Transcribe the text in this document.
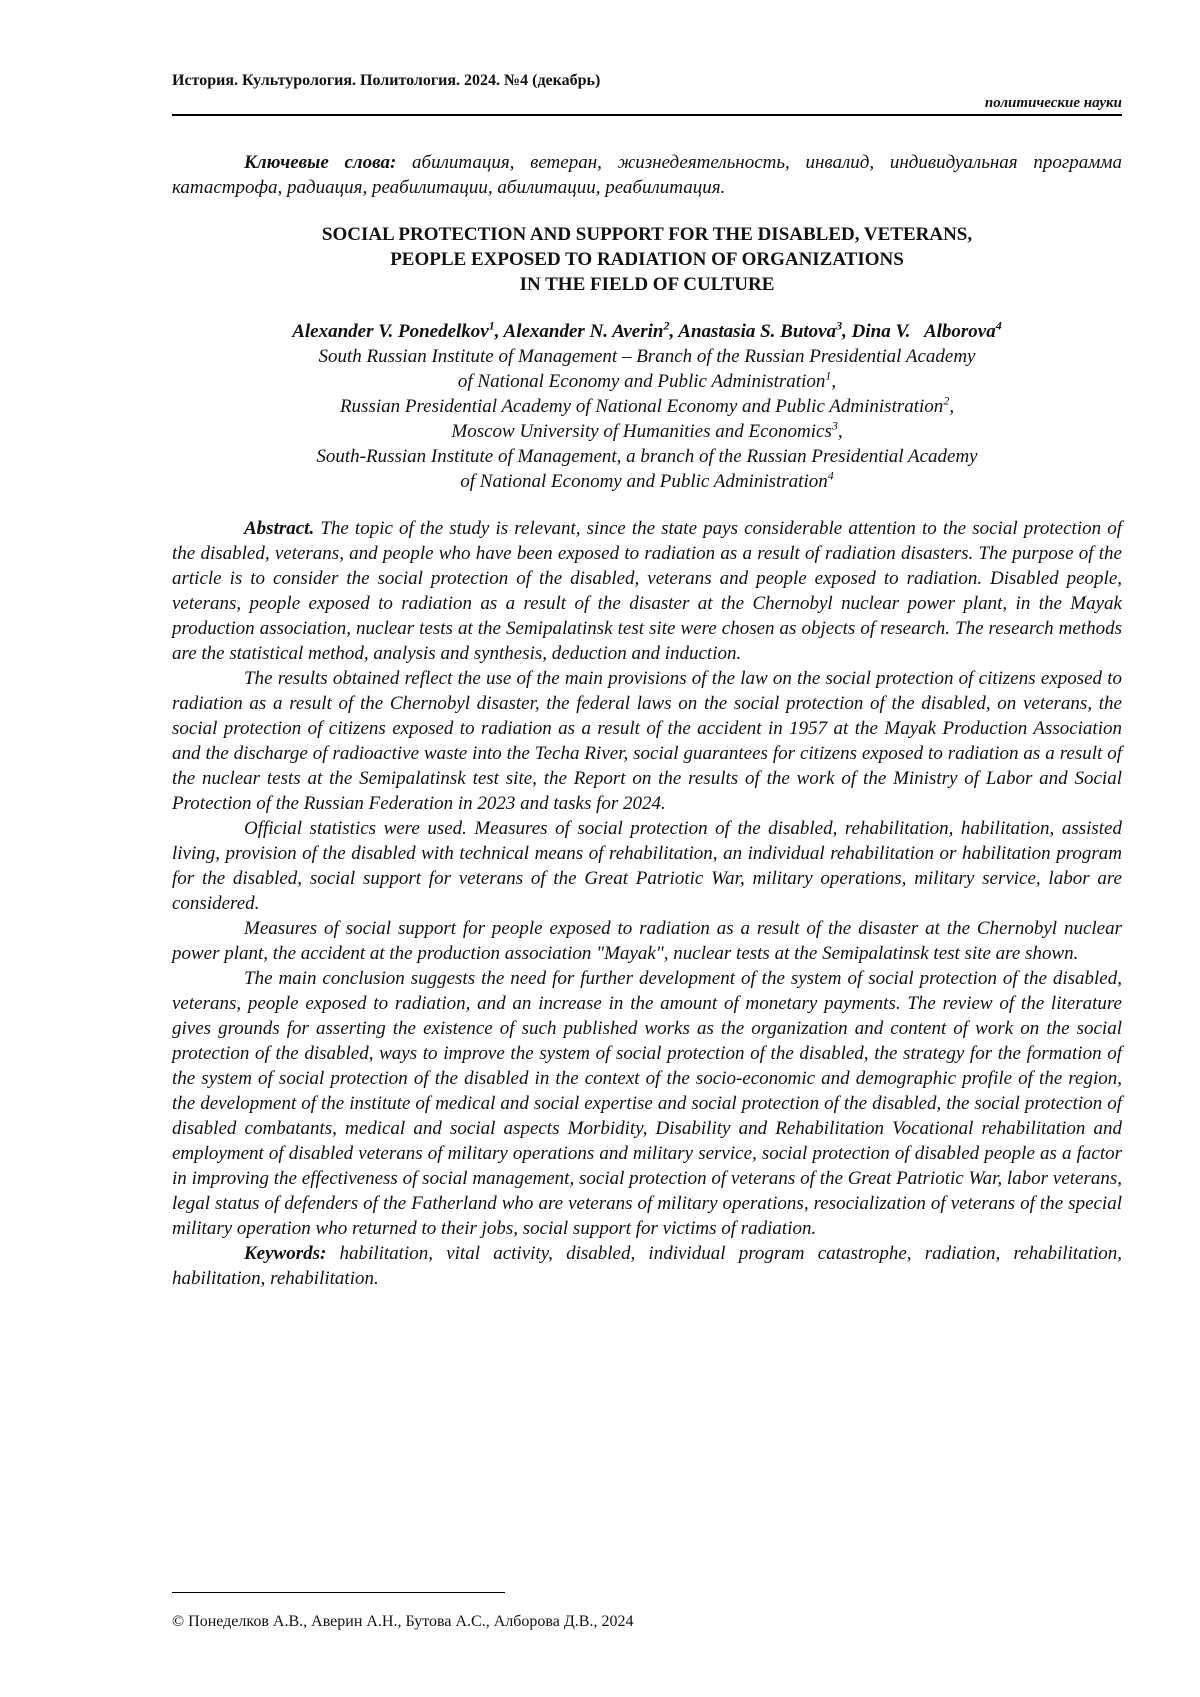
История. Культурология. Политология. 2024. №4 (декабрь)
политические науки

Ключевые слова: абилитация, ветеран, жизнедеятельность, инвалид, индивидуальная программа катастрофа, радиация, реабилитации, абилитации, реабилитация.

SOCIAL PROTECTION AND SUPPORT FOR THE DISABLED, VETERANS,
PEOPLE EXPOSED TO RADIATION OF ORGANIZATIONS
IN THE FIELD OF CULTURE
Alexander V. Ponedelkov$^1$, Alexander N. Averin$^2$, Anastasia S. Butova$^3$, Dina V.   Alborova$^4$
South Russian Institute of Management – Branch of the Russian Presidential Academy
of National Economy and Public Administration$^1$,
Russian Presidential Academy of National Economy and Public Administration$^2$,
Moscow University of Humanities and Economics$^3$,
South-Russian Institute of Management, a branch of the Russian Presidential Academy
of National Economy and Public Administration$^4$

Abstract. The topic of the study is relevant, since the state pays considerable attention to the social protection of the disabled, veterans, and people who have been exposed to radiation as a result of radiation disasters. The purpose of the article is to consider the social protection of the disabled, veterans and people exposed to radiation. Disabled people, veterans, people exposed to radiation as a result of the disaster at the Chernobyl nuclear power plant, in the Mayak production association, nuclear tests at the Semipalatinsk test site were chosen as objects of research. The research methods are the statistical method, analysis and synthesis, deduction and induction.

The results obtained reflect the use of the main provisions of the law on the social protection of citizens exposed to radiation as a result of the Chernobyl disaster, the federal laws on the social protection of the disabled, on veterans, the social protection of citizens exposed to radiation as a result of the accident in 1957 at the Mayak Production Association and the discharge of radioactive waste into the Techa River, social guarantees for citizens exposed to radiation as a result of the nuclear tests at the Semipalatinsk test site, the Report on the results of the work of the Ministry of Labor and Social Protection of the Russian Federation in 2023 and tasks for 2024.

Official statistics were used. Measures of social protection of the disabled, rehabilitation, habilitation, assisted living, provision of the disabled with technical means of rehabilitation, an individual rehabilitation or habilitation program for the disabled, social support for veterans of the Great Patriotic War, military operations, military service, labor are considered.

Measures of social support for people exposed to radiation as a result of the disaster at the Chernobyl nuclear power plant, the accident at the production association "Mayak", nuclear tests at the Semipalatinsk test site are shown.

The main conclusion suggests the need for further development of the system of social protection of the disabled, veterans, people exposed to radiation, and an increase in the amount of monetary payments. The review of the literature gives grounds for asserting the existence of such published works as the organization and content of work on the social protection of the disabled, ways to improve the system of social protection of the disabled, the strategy for the formation of the system of social protection of the disabled in the context of the socio-economic and demographic profile of the region, the development of the institute of medical and social expertise and social protection of the disabled, the social protection of disabled combatants, medical and social aspects Morbidity, Disability and Rehabilitation Vocational rehabilitation and employment of disabled veterans of military operations and military service, social protection of disabled people as a factor in improving the effectiveness of social management, social protection of veterans of the Great Patriotic War, labor veterans, legal status of defenders of the Fatherland who are veterans of military operations, resocialization of veterans of the special military operation who returned to their jobs, social support for victims of radiation.

Keywords: habilitation, vital activity, disabled, individual program catastrophe, radiation, rehabilitation, habilitation, rehabilitation.

© Понеделков А.В., Аверин А.Н., Бутова А.С., Алборова Д.В., 2024
